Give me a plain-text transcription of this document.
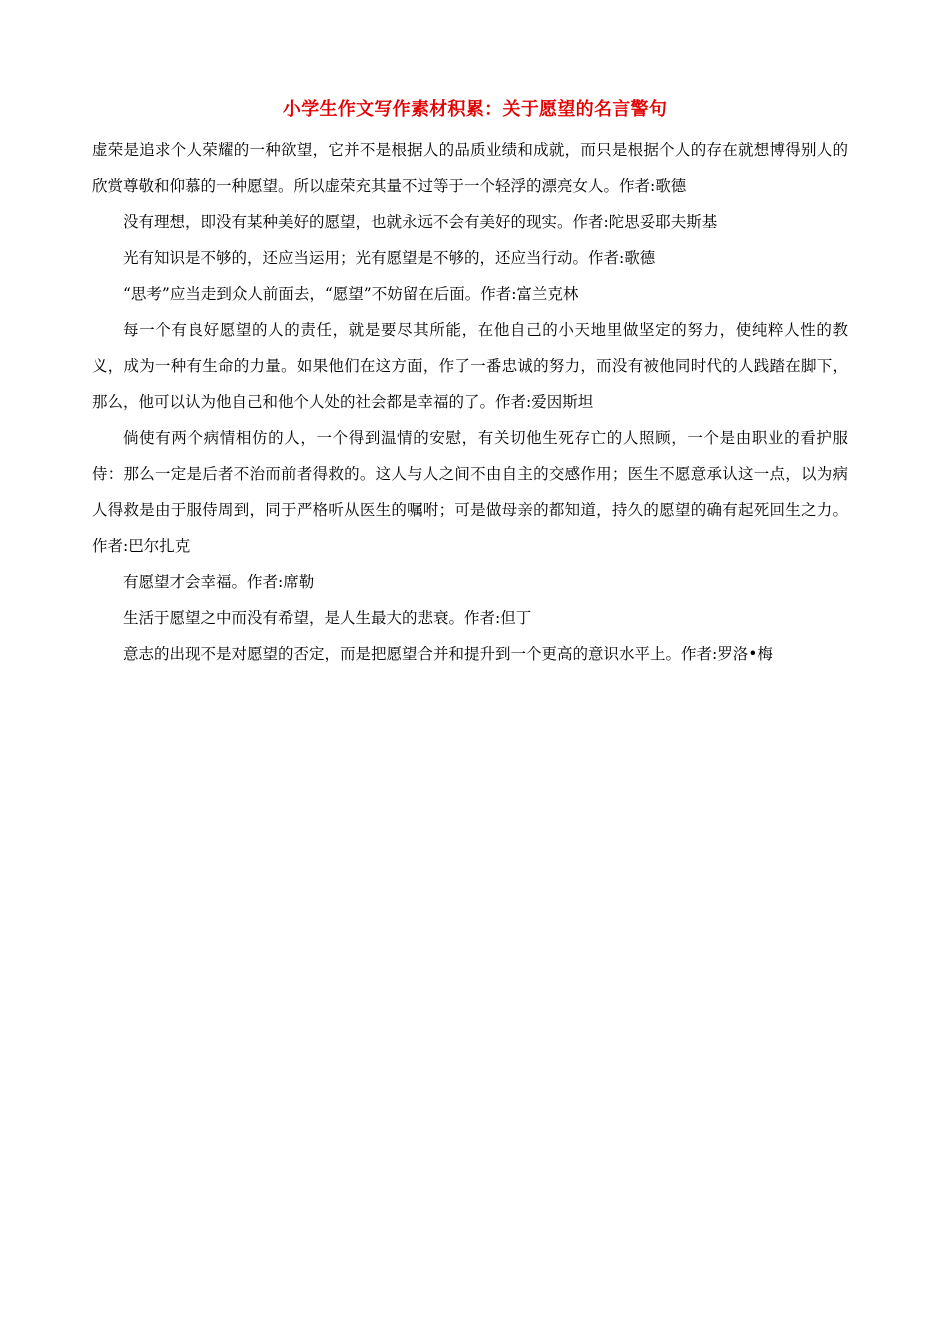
小学生作文写作素材积累：关于愿望的名言警句

虚荣是追求个人荣耀的一种欲望，它并不是根据人的品质业绩和成就，而只是根据个人的存在就想博得别人的欣赏尊敬和仰慕的一种愿望。所以虚荣充其量不过等于一个轻浮的漂亮女人。作者:歌德

没有理想，即没有某种美好的愿望，也就永远不会有美好的现实。作者:陀思妥耶夫斯基

光有知识是不够的，还应当运用；光有愿望是不够的，还应当行动。作者:歌德

“思考”应当走到众人前面去，“愿望”不妨留在后面。作者:富兰克林

每一个有良好愿望的人的责任，就是要尽其所能，在他自己的小天地里做坚定的努力，使纯粹人性的教义，成为一种有生命的力量。如果他们在这方面，作了一番忠诚的努力，而没有被他同时代的人践踏在脚下，那么，他可以认为他自己和他个人处的社会都是幸福的了。作者:爱因斯坦

倘使有两个病情相仿的人，一个得到温情的安慰，有关切他生死存亡的人照顾，一个是由职业的看护服侍：那么一定是后者不治而前者得救的。这人与人之间不由自主的交感作用；医生不愿意承认这一点，以为病人得救是由于服侍周到，同于严格听从医生的嘱咐；可是做母亲的都知道，持久的愿望的确有起死回生之力。作者:巴尔扎克

有愿望才会幸福。作者:席勒

生活于愿望之中而没有希望，是人生最大的悲衰。作者:但丁

意志的出现不是对愿望的否定，而是把愿望合并和提升到一个更高的意识水平上。作者:罗洛•梅
